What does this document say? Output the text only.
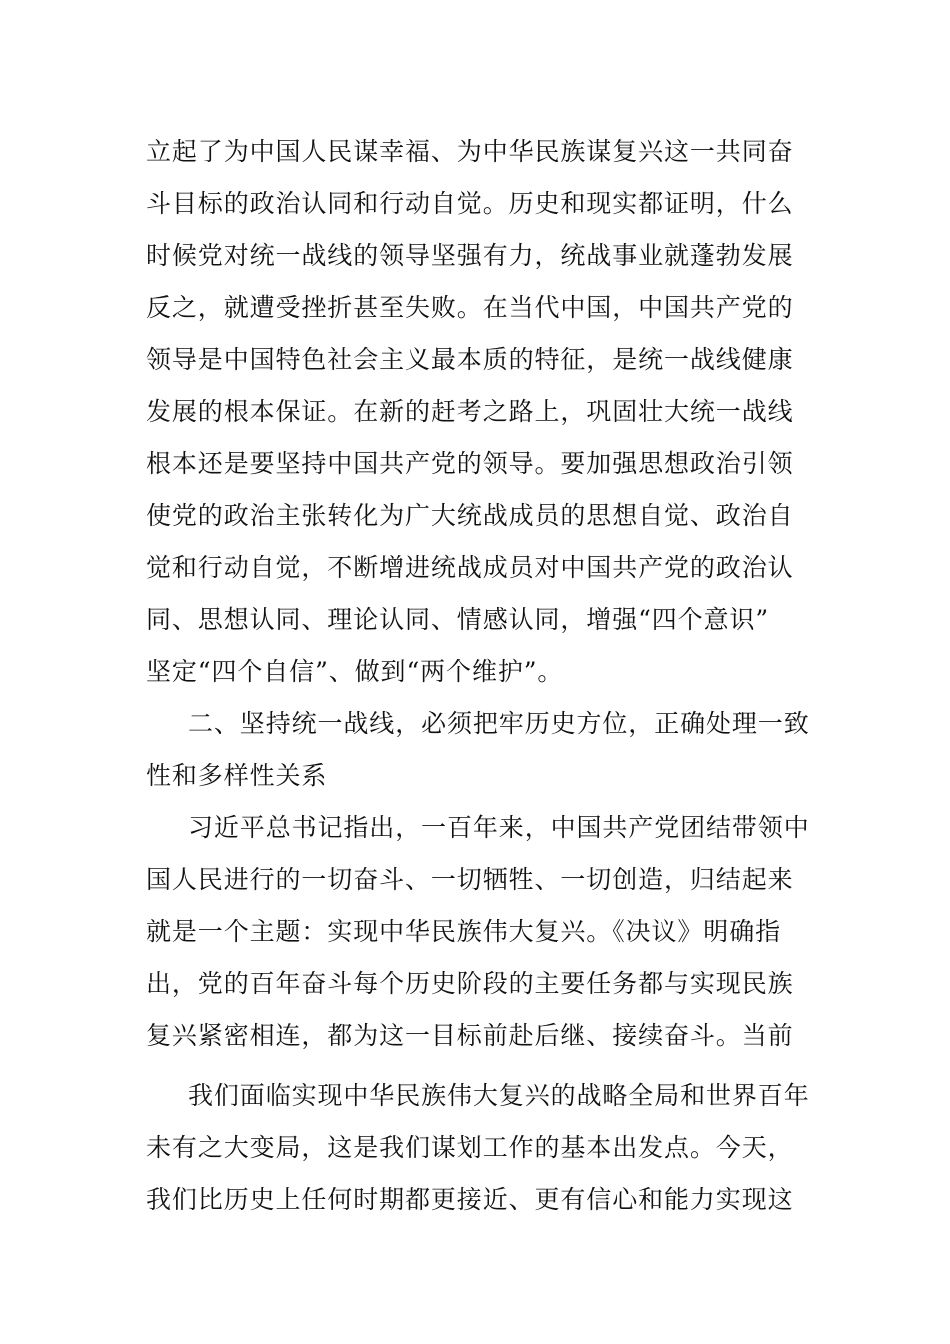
立起了为中国人民谋幸福、为中华民族谋复兴这一共同奋
斗目标的政治认同和行动自觉。历史和现实都证明，什么
时候党对统一战线的领导坚强有力，统战事业就蓬勃发展
反之，就遭受挫折甚至失败。在当代中国，中国共产党的
领导是中国特色社会主义最本质的特征，是统一战线健康
发展的根本保证。在新的赶考之路上，巩固壮大统一战线
根本还是要坚持中国共产党的领导。要加强思想政治引领
使党的政治主张转化为广大统战成员的思想自觉、政治自
觉和行动自觉，不断增进统战成员对中国共产党的政治认
同、思想认同、理论认同、情感认同，增强“四个意识”
坚定“四个自信”、做到“两个维护”。
二、坚持统一战线，必须把牢历史方位，正确处理一致
性和多样性关系
习近平总书记指出，一百年来，中国共产党团结带领中
国人民进行的一切奋斗、一切牺牲、一切创造，归结起来
就是一个主题：实现中华民族伟大复兴。《决议》明确指
出，党的百年奋斗每个历史阶段的主要任务都与实现民族
复兴紧密相连，都为这一目标前赴后继、接续奋斗。当前
我们面临实现中华民族伟大复兴的战略全局和世界百年
未有之大变局，这是我们谋划工作的基本出发点。今天，
我们比历史上任何时期都更接近、更有信心和能力实现这
